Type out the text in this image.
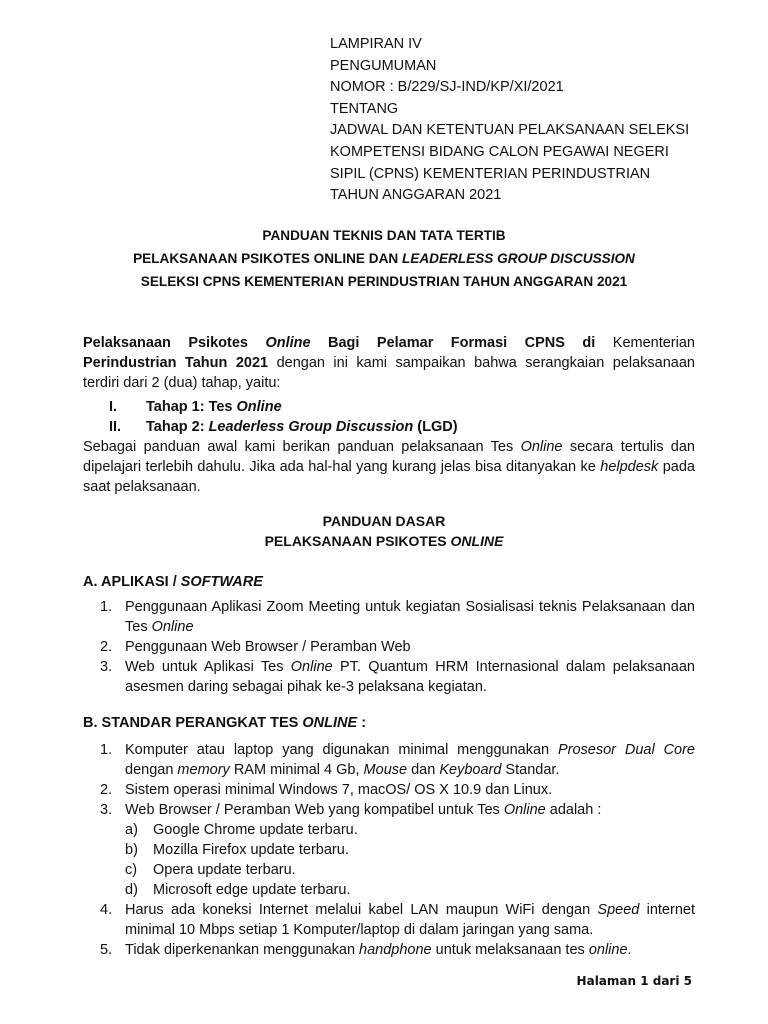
LAMPIRAN IV
PENGUMUMAN
NOMOR : B/229/SJ-IND/KP/XI/2021
TENTANG
JADWAL DAN KETENTUAN PELAKSANAAN SELEKSI
KOMPETENSI BIDANG CALON PEGAWAI NEGERI
SIPIL (CPNS) KEMENTERIAN PERINDUSTRIAN
TAHUN ANGGARAN 2021
PANDUAN TEKNIS DAN TATA TERTIB
PELAKSANAAN PSIKOTES ONLINE DAN LEADERLESS GROUP DISCUSSION
SELEKSI CPNS KEMENTERIAN PERINDUSTRIAN TAHUN ANGGARAN 2021
Pelaksanaan Psikotes Online Bagi Pelamar Formasi CPNS di Kementerian
Perindustrian Tahun 2021 dengan ini kami sampaikan bahwa serangkaian pelaksanaan
terdiri dari 2 (dua) tahap, yaitu:
I. Tahap 1: Tes Online
II. Tahap 2: Leaderless Group Discussion (LGD)
Sebagai panduan awal kami berikan panduan pelaksanaan Tes Online secara tertulis dan
dipelajari terlebih dahulu. Jika ada hal-hal yang kurang jelas bisa ditanyakan ke helpdesk pada
saat pelaksanaan.
PANDUAN DASAR
PELAKSANAAN PSIKOTES ONLINE
A. APLIKASI / SOFTWARE
1. Penggunaan Aplikasi Zoom Meeting untuk kegiatan Sosialisasi teknis Pelaksanaan dan
Tes Online
2. Penggunaan Web Browser / Peramban Web
3. Web untuk Aplikasi Tes Online PT. Quantum HRM Internasional dalam pelaksanaan
asesmen daring sebagai pihak ke-3 pelaksana kegiatan.
B. STANDAR PERANGKAT TES ONLINE :
1. Komputer atau laptop yang digunakan minimal menggunakan Prosesor Dual Core
dengan memory RAM minimal 4 Gb, Mouse dan Keyboard Standar.
2. Sistem operasi minimal Windows 7, macOS/ OS X 10.9 dan Linux.
3. Web Browser / Peramban Web yang kompatibel untuk Tes Online adalah :
a) Google Chrome update terbaru.
b) Mozilla Firefox update terbaru.
c) Opera update terbaru.
d) Microsoft edge update terbaru.
4. Harus ada koneksi Internet melalui kabel LAN maupun WiFi dengan Speed internet
minimal 10 Mbps setiap 1 Komputer/laptop di dalam jaringan yang sama.
5. Tidak diperkenankan menggunakan handphone untuk melaksanaan tes online.
Halaman 1 dari 5
